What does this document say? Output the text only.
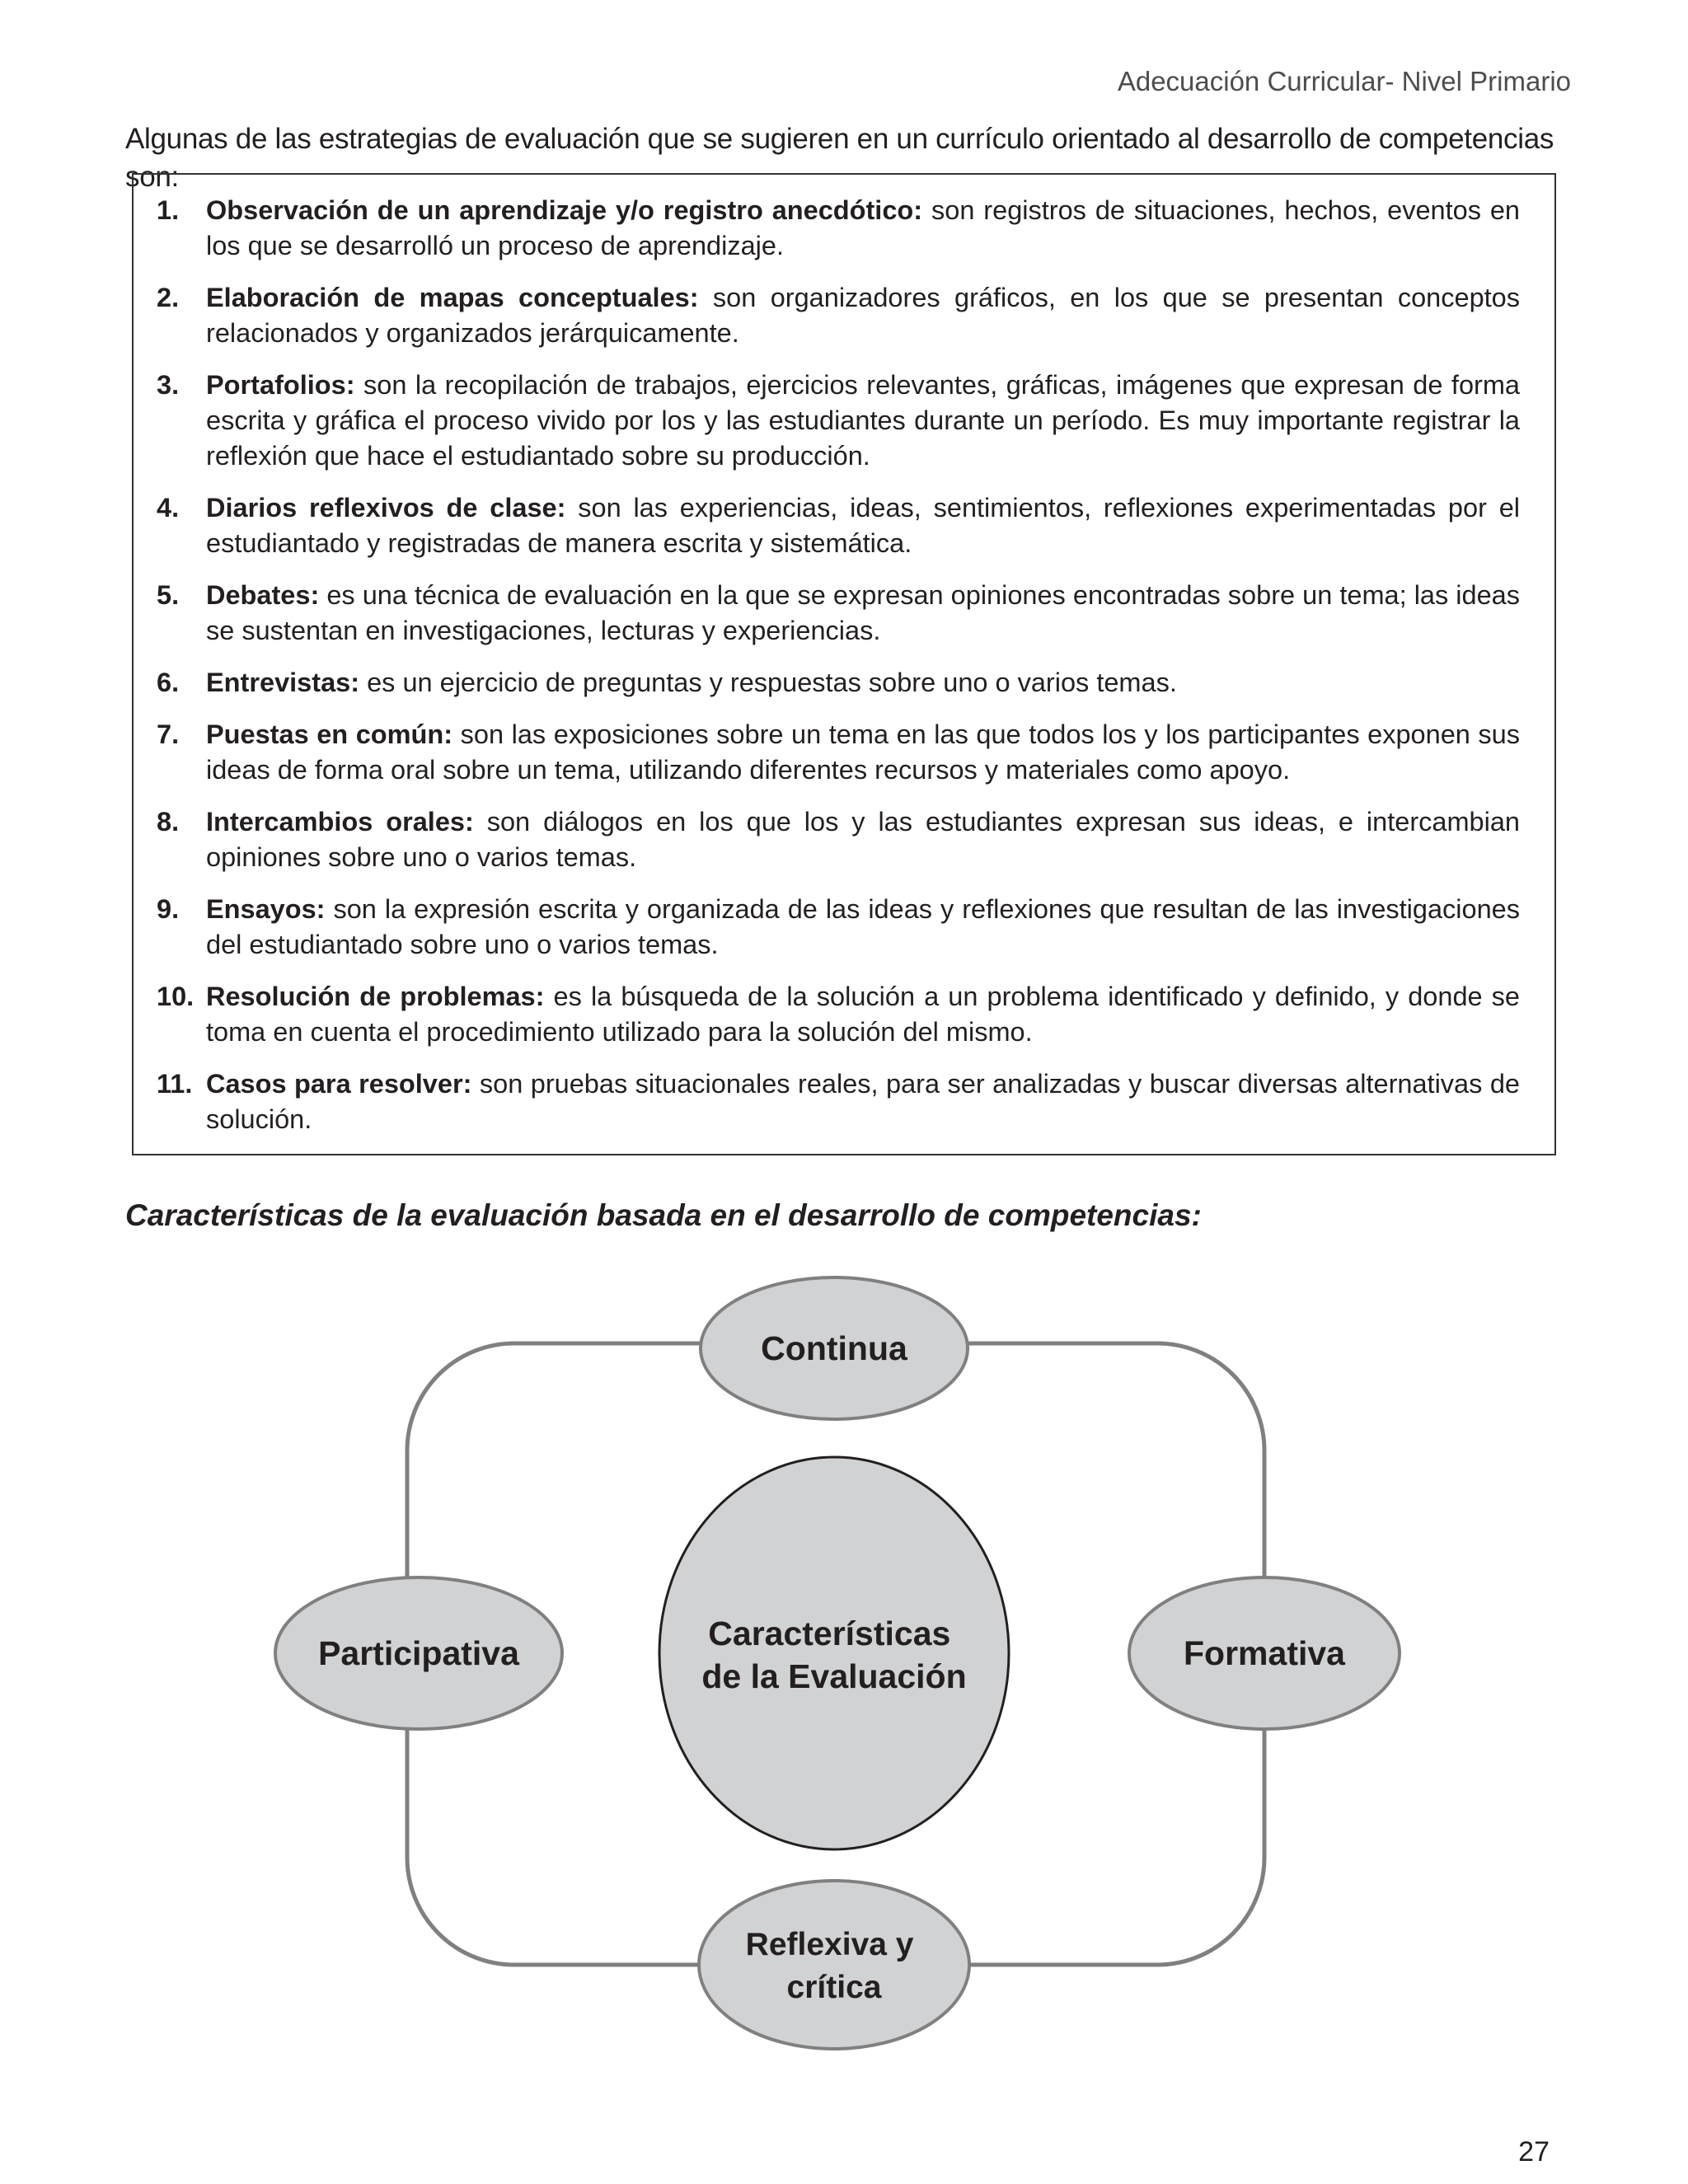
Adecuación Curricular- Nivel Primario
Algunas de las estrategias de evaluación que se sugieren en un currículo orientado al desarrollo de competencias son:
1. Observación de un aprendizaje y/o registro anecdótico: son registros de situaciones, hechos, eventos en los que se desarrolló un proceso de aprendizaje.
2. Elaboración de mapas conceptuales: son organizadores gráficos, en los que se presentan conceptos relacionados y organizados jerárquicamente.
3. Portafolios: son la recopilación de trabajos, ejercicios relevantes, gráficas, imágenes que expresan de forma escrita y gráfica el proceso vivido por los y las estudiantes durante un período. Es muy importante registrar la reflexión que hace el estudiantado sobre su producción.
4. Diarios reflexivos de clase: son las experiencias, ideas, sentimientos, reflexiones experimentadas por el estudiantado y registradas de manera escrita y sistemática.
5. Debates: es una técnica de evaluación en la que se expresan opiniones encontradas sobre un tema; las ideas se sustentan en investigaciones, lecturas y experiencias.
6. Entrevistas: es un ejercicio de preguntas y respuestas sobre uno o varios temas.
7. Puestas en común: son las exposiciones sobre un tema en las que todos los y los participantes exponen sus ideas de forma oral sobre un tema, utilizando diferentes recursos y materiales como apoyo.
8. Intercambios orales: son diálogos en los que los y las estudiantes expresan sus ideas, e intercambian opiniones sobre uno o varios temas.
9. Ensayos: son la expresión escrita y organizada de las ideas y reflexiones que resultan de las investigaciones del estudiantado sobre uno o varios temas.
10. Resolución de problemas: es la búsqueda de la solución a un problema identificado y definido, y donde se toma en cuenta el procedimiento utilizado para la solución del mismo.
11. Casos para resolver: son pruebas situacionales reales, para ser analizadas y buscar diversas alternativas de solución.
Características de la evaluación basada en el desarrollo de competencias:
Continua
Participativa	Formativa
Reflexiva y crítica
Características de la Evaluación
27
